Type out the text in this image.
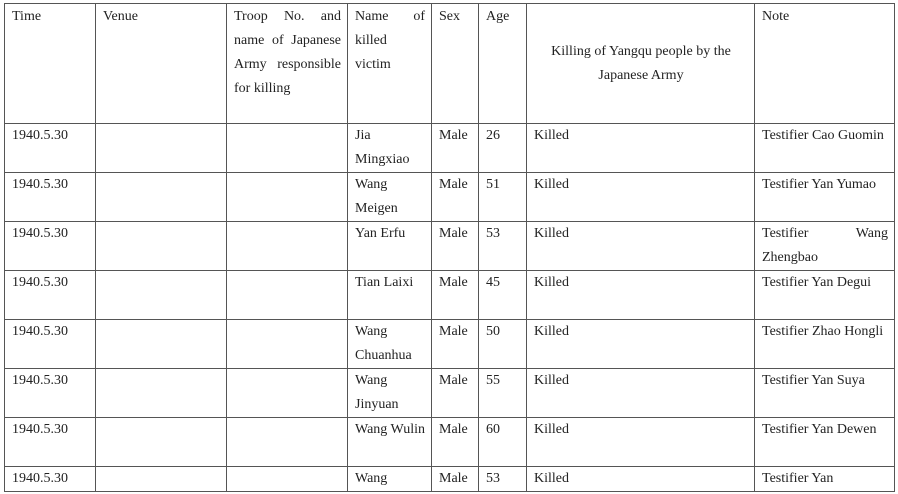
Time	Venue	Troop No. and name of Japanese Army responsible for killing	Name of killed victim	Sex	Age	Killing of Yangqu people by the Japanese Army	Note
1940.5.30			Jia Mingxiao	Male	26	Killed	Testifier Cao Guomin
1940.5.30			Wang Meigen	Male	51	Killed	Testifier Yan Yumao
1940.5.30			Yan Erfu	Male	53	Killed	Testifier Wang Zhengbao
1940.5.30			Tian Laixi	Male	45	Killed	Testifier Yan Degui
1940.5.30			Wang Chuanhua	Male	50	Killed	Testifier Zhao Hongli
1940.5.30			Wang Jinyuan	Male	55	Killed	Testifier Yan Suya
1940.5.30			Wang Wulin	Male	60	Killed	Testifier Yan Dewen
1940.5.30			Wang	Male	53	Killed	Testifier Yan
